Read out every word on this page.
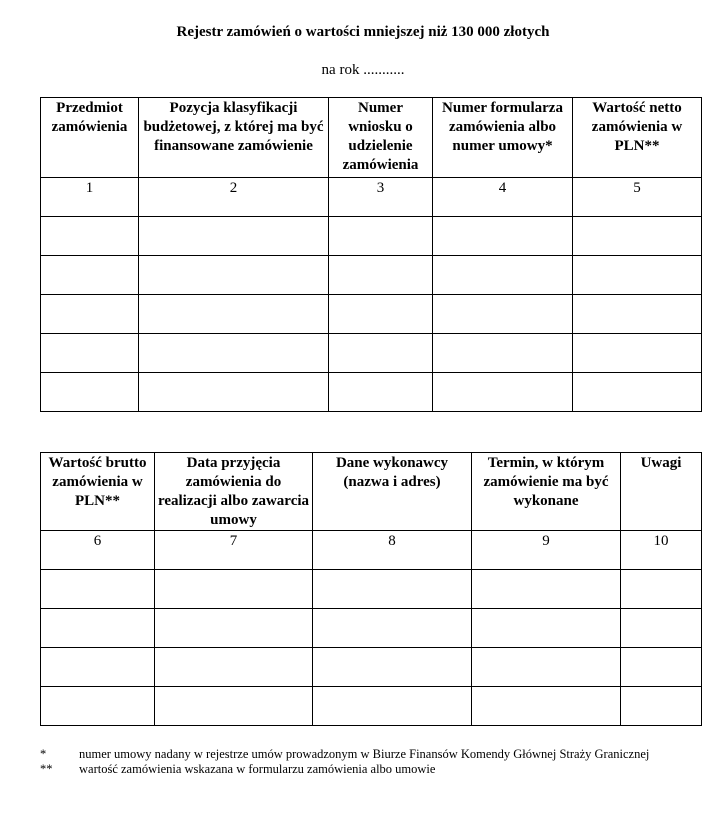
Rejestr zamówień o wartości mniejszej niż 130 000 złotych
na rok ...........
Przedmiot zamówienia	Pozycja klasyfikacji budżetowej, z której ma być finansowane zamówienie	Numer wniosku o udzielenie zamówienia	Numer formularza zamówienia albo numer umowy*	Wartość netto zamówienia w PLN**
1	2	3	4	5

Wartość brutto zamówienia w PLN**	Data przyjęcia zamówienia do realizacji albo zawarcia umowy	Dane wykonawcy (nazwa i adres)	Termin, w którym zamówienie ma być wykonane	Uwagi
6	7	8	9	10

*	numer umowy nadany w rejestrze umów prowadzonym w Biurze Finansów Komendy Głównej Straży Granicznej
**	wartość zamówienia wskazana w formularzu zamówienia albo umowie
